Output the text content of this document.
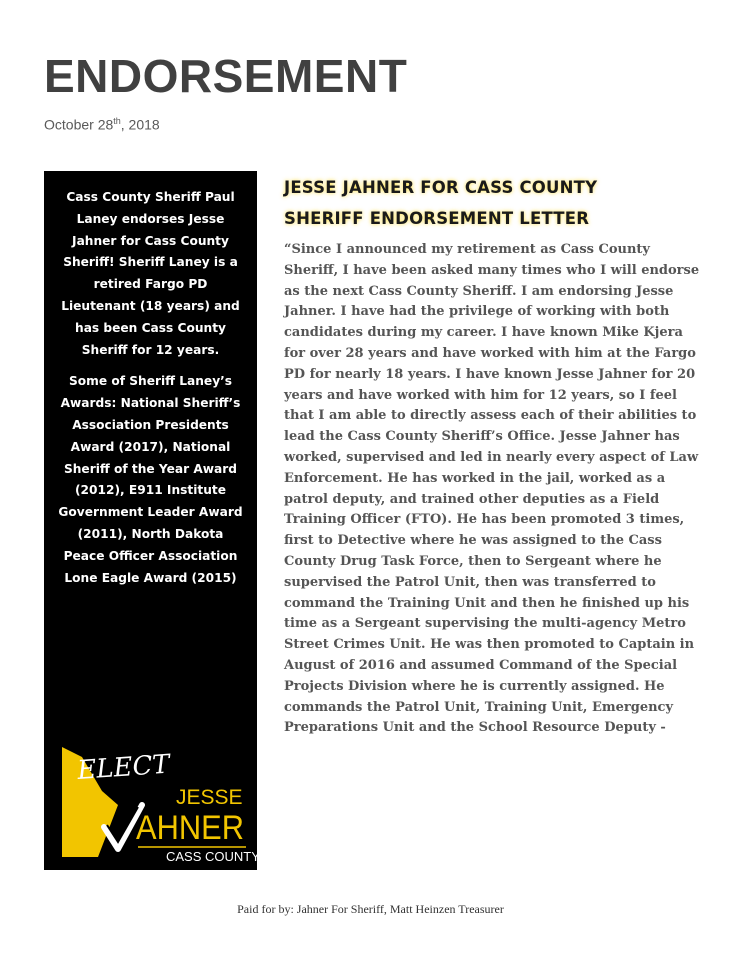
ENDORSEMENT
October 28th, 2018

Cass County Sheriff Paul Laney endorses Jesse Jahner for Cass County Sheriff! Sheriff Laney is a retired Fargo PD Lieutenant (18 years) and has been Cass County Sheriff for 12 years.

Some of Sheriff Laney’s Awards: National Sheriff’s Association Presidents Award (2017), National Sheriff of the Year Award (2012), E911 Institute Government Leader Award (2011), North Dakota Peace Officer Association Lone Eagle Award (2015)

ELECT
JESSE
AHNER
CASS COUNTY
JESSE JAHNER FOR CASS COUNTY
SHERIFF ENDORSEMENT LETTER

“Since I announced my retirement as Cass County Sheriff, I have been asked many times who I will endorse as the next Cass County Sheriff. I am endorsing Jesse Jahner. I have had the privilege of working with both candidates during my career. I have known Mike Kjera for over 28 years and have worked with him at the Fargo PD for nearly 18 years. I have known Jesse Jahner for 20 years and have worked with him for 12 years, so I feel that I am able to directly assess each of their abilities to lead the Cass County Sheriff’s Office. Jesse Jahner has worked, supervised and led in nearly every aspect of Law Enforcement. He has worked in the jail, worked as a patrol deputy, and trained other deputies as a Field Training Officer (FTO). He has been promoted 3 times, first to Detective where he was assigned to the Cass County Drug Task Force, then to Sergeant where he supervised the Patrol Unit, then was transferred to command the Training Unit and then he finished up his time as a Sergeant supervising the multi-agency Metro Street Crimes Unit. He was then promoted to Captain in August of 2016 and assumed Command of the Special Projects Division where he is currently assigned. He commands the Patrol Unit, Training Unit, Emergency Preparations Unit and the School Resource Deputy -

Paid for by: Jahner For Sheriff, Matt Heinzen Treasurer
